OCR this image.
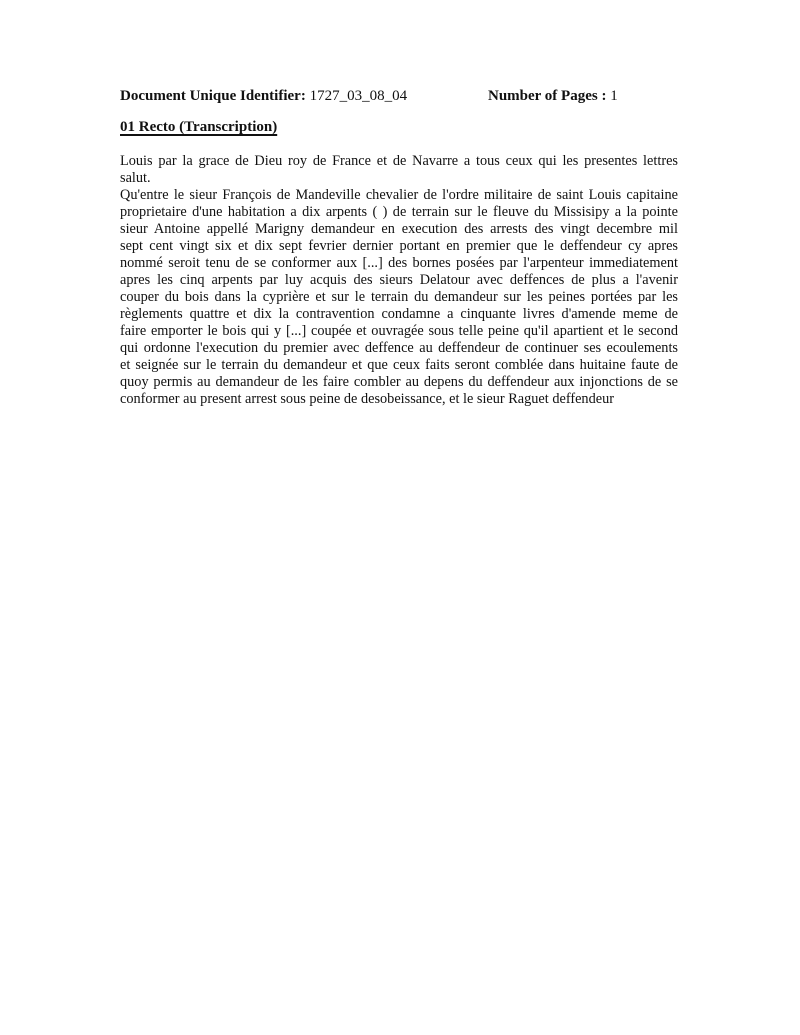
Document Unique Identifier: 1727_03_08_04	Number of Pages : 1
01 Recto (Transcription)
Louis par la grace de Dieu roy de France et de Navarre a tous ceux qui les presentes lettres
salut.
Qu'entre le sieur François de Mandeville chevalier de l'ordre militaire de saint Louis capitaine
proprietaire d'une habitation a dix arpents ( ) de terrain sur le fleuve du Missisipy a la pointe
sieur Antoine appellé Marigny demandeur en execution des arrests des vingt decembre mil
sept cent vingt six et dix sept fevrier dernier portant en premier que le deffendeur cy apres
nommé seroit tenu de se conformer aux [...] des bornes posées par l'arpenteur immediatement
apres les cinq arpents par luy acquis des sieurs Delatour avec deffences de plus a l'avenir
couper du bois dans la cyprière et sur le terrain du demandeur sur les peines portées par les
règlements quattre et dix la contravention condamne a cinquante livres d'amende meme de
faire emporter le bois qui y [...] coupée et ouvragée sous telle peine qu'il apartient et le second
qui ordonne l'execution du premier avec deffence au deffendeur de continuer ses ecoulements
et seignée sur le terrain du demandeur et que ceux faits seront comblée dans huitaine faute de
quoy permis au demandeur de les faire combler au depens du deffendeur aux injonctions de se
conformer au present arrest sous peine de desobeissance, et le sieur Raguet deffendeur
